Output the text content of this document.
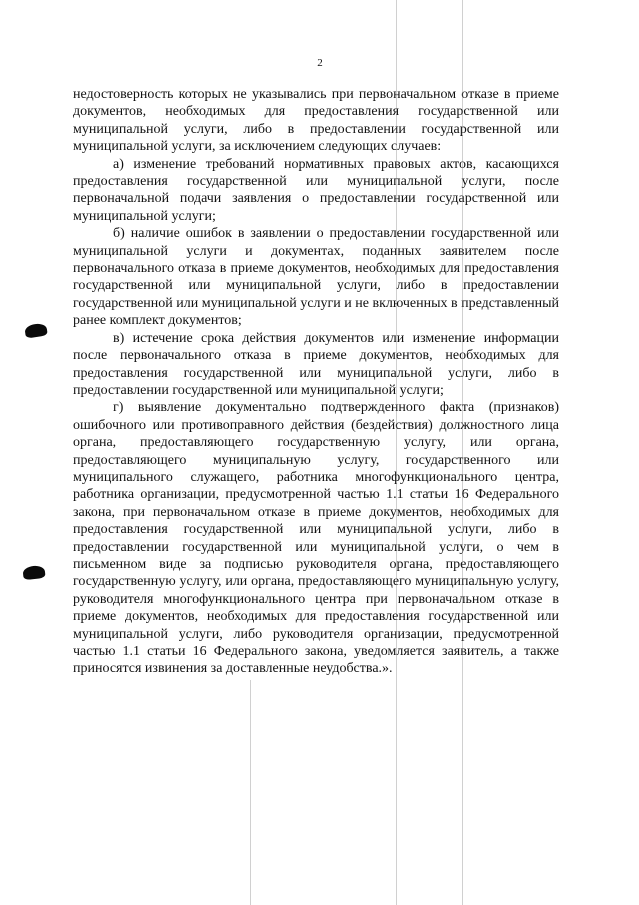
2

недостоверность которых не указывались при первоначальном отказе в приеме документов, необходимых для предоставления государственной или муниципальной услуги, либо в предоставлении государственной или муниципальной услуги, за исключением следующих случаев:

а) изменение требований нормативных правовых актов, касающихся предоставления государственной или муниципальной услуги, после первоначальной подачи заявления о предоставлении государственной или муниципальной услуги;

б) наличие ошибок в заявлении о предоставлении государственной или муниципальной услуги и документах, поданных заявителем после первоначального отказа в приеме документов, необходимых для предоставления государственной или муниципальной услуги, либо в предоставлении государственной или муниципальной услуги и не включенных в представленный ранее комплект документов;

в) истечение срока действия документов или изменение информации после первоначального отказа в приеме документов, необходимых для предоставления государственной или муниципальной услуги, либо в предоставлении государственной или муниципальной услуги;

г) выявление документально подтвержденного факта (признаков) ошибочного или противоправного действия (бездействия) должностного лица органа, предоставляющего государственную услугу, или органа, предоставляющего муниципальную услугу, государственного или муниципального служащего, работника многофункционального центра, работника организации, предусмотренной частью 1.1 статьи 16 Федерального закона, при первоначальном отказе в приеме документов, необходимых для предоставления государственной или муниципальной услуги, либо в предоставлении государственной или муниципальной услуги, о чем в письменном виде за подписью руководителя органа, предоставляющего государственную услугу, или органа, предоставляющего муниципальную услугу, руководителя многофункционального центра при первоначальном отказе в приеме документов, необходимых для предоставления государственной или муниципальной услуги, либо руководителя организации, предусмотренной частью 1.1 статьи 16 Федерального закона, уведомляется заявитель, а также приносятся извинения за доставленные неудобства.».
